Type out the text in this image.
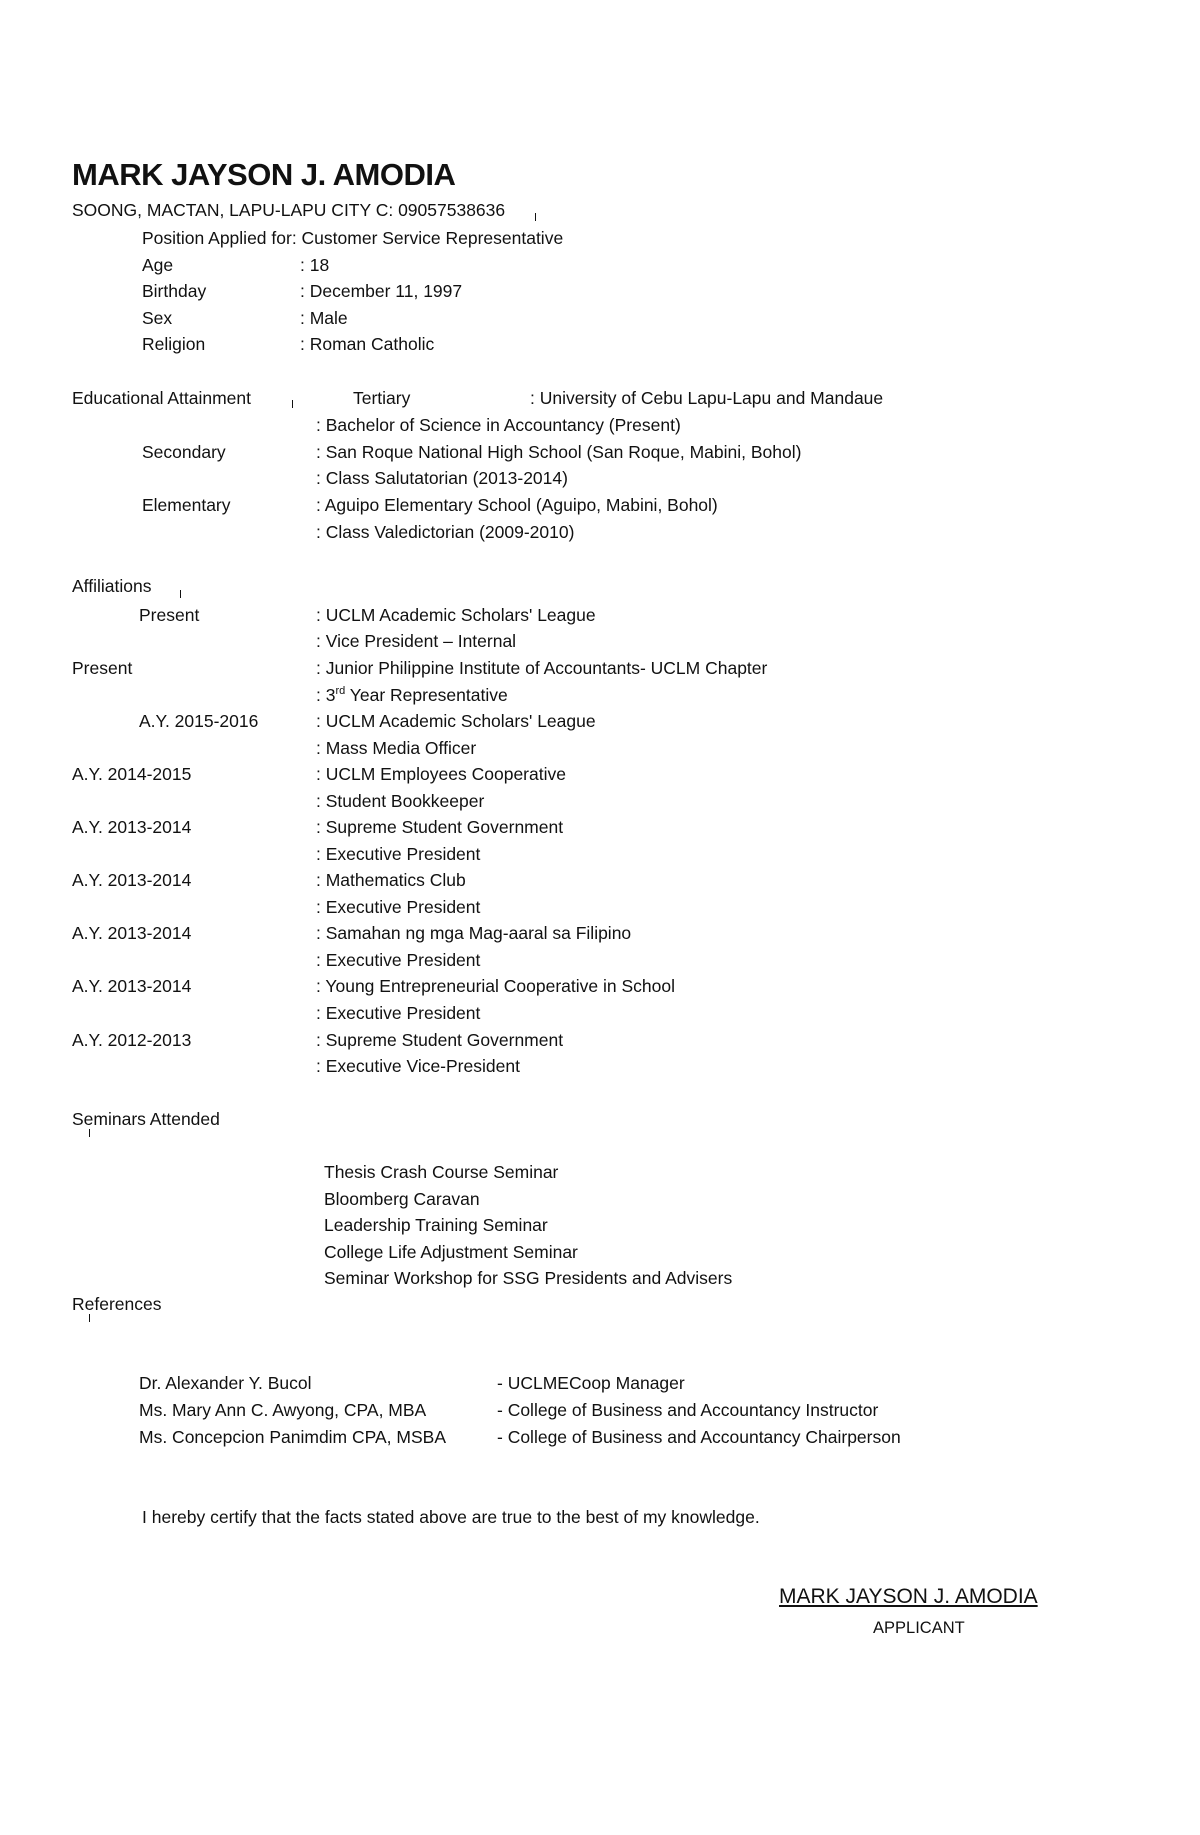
MARK JAYSON J. AMODIA
SOONG, MACTAN, LAPU-LAPU CITY C: 09057538636
Position Applied for: Customer Service Representative
Age	: 18
Birthday	: December 11, 1997
Sex	: Male
Religion	: Roman Catholic
Educational Attainment	Tertiary	: University of Cebu Lapu-Lapu and Mandaue
: Bachelor of Science in Accountancy (Present)
Secondary	: San Roque National High School (San Roque, Mabini, Bohol)
: Class Salutatorian (2013-2014)
Elementary	: Aguipo Elementary School (Aguipo, Mabini, Bohol)
: Class Valedictorian (2009-2010)
Affiliations
Present	: UCLM Academic Scholars' League
: Vice President – Internal
Present	: Junior Philippine Institute of Accountants- UCLM Chapter
: 3rd Year Representative
A.Y. 2015-2016	: UCLM Academic Scholars' League
: Mass Media Officer
A.Y. 2014-2015	: UCLM Employees Cooperative
: Student Bookkeeper
A.Y. 2013-2014	: Supreme Student Government
: Executive President
A.Y. 2013-2014	: Mathematics Club
: Executive President
A.Y. 2013-2014	: Samahan ng mga Mag-aaral sa Filipino
: Executive President
A.Y. 2013-2014	: Young Entrepreneurial Cooperative in School
: Executive President
A.Y. 2012-2013	: Supreme Student Government
: Executive Vice-President
Seminars Attended
Thesis Crash Course Seminar
Bloomberg Caravan
Leadership Training Seminar
College Life Adjustment Seminar
Seminar Workshop for SSG Presidents and Advisers
References
Dr. Alexander Y. Bucol	- UCLMECoop Manager
Ms. Mary Ann C. Awyong, CPA, MBA	- College of Business and Accountancy Instructor
Ms. Concepcion Panimdim CPA, MSBA	- College of Business and Accountancy Chairperson
I hereby certify that the facts stated above are true to the best of my knowledge.
MARK JAYSON J. AMODIA
APPLICANT
